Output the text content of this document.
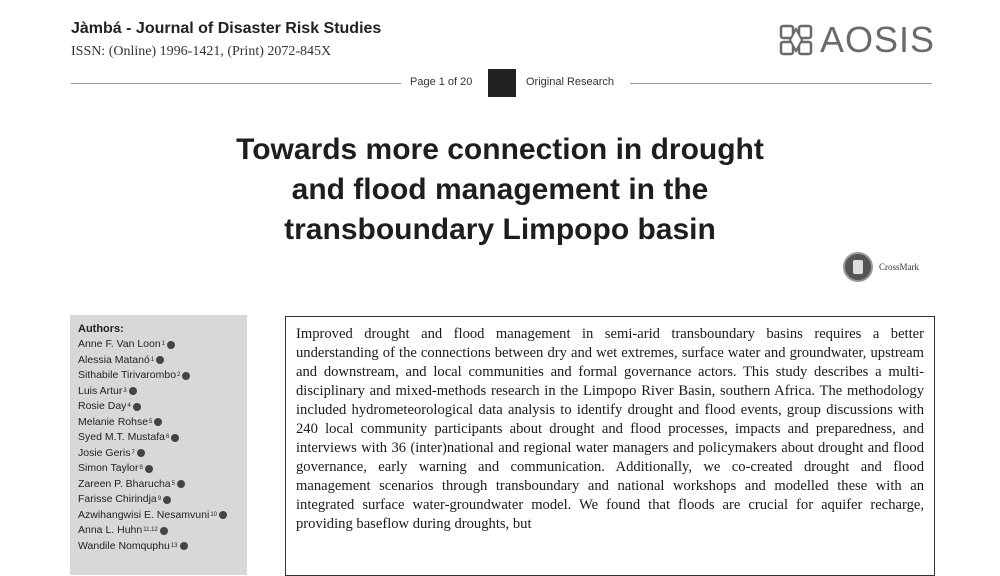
Jàmbá - Journal of Disaster Risk Studies
ISSN: (Online) 1996-1421, (Print) 2072-845X	AOSIS
Page 1 of 20	Original Research
Towards more connection in drought
and flood management in the
transboundary Limpopo basin
CrossMark
Authors:
Anne F. Van Loon 1
Alessia Matanó 1
Sithabile Tirivarombo 2
Luis Artur 3
Rosie Day 4
Melanie Rohse 5
Syed M.T. Mustafa 6
Josie Geris 7
Simon Taylor 8
Zareen P. Bharucha 5
Farisse Chirindja 9
Azwihangwisi E. Nesamvuni 10
Anna L. Huhn 11,12
Wandile Nomquphu 13
Improved drought and flood management in semi-arid transboundary basins requires a better understanding of the connections between dry and wet extremes, surface water and groundwater, upstream and downstream, and local communities and formal governance actors. This study describes a multi-disciplinary and mixed-methods research in the Limpopo River Basin, southern Africa. The methodology included hydrometeorological data analysis to identify drought and flood events, group discussions with 240 local community participants about drought and flood processes, impacts and preparedness, and interviews with 36 (inter)national and regional water managers and policymakers about drought and flood governance, early warning and communication. Additionally, we co-created drought and flood management scenarios through transboundary and national workshops and modelled these with an integrated surface water-groundwater model. We found that floods are crucial for aquifer recharge, providing baseflow during droughts, but
